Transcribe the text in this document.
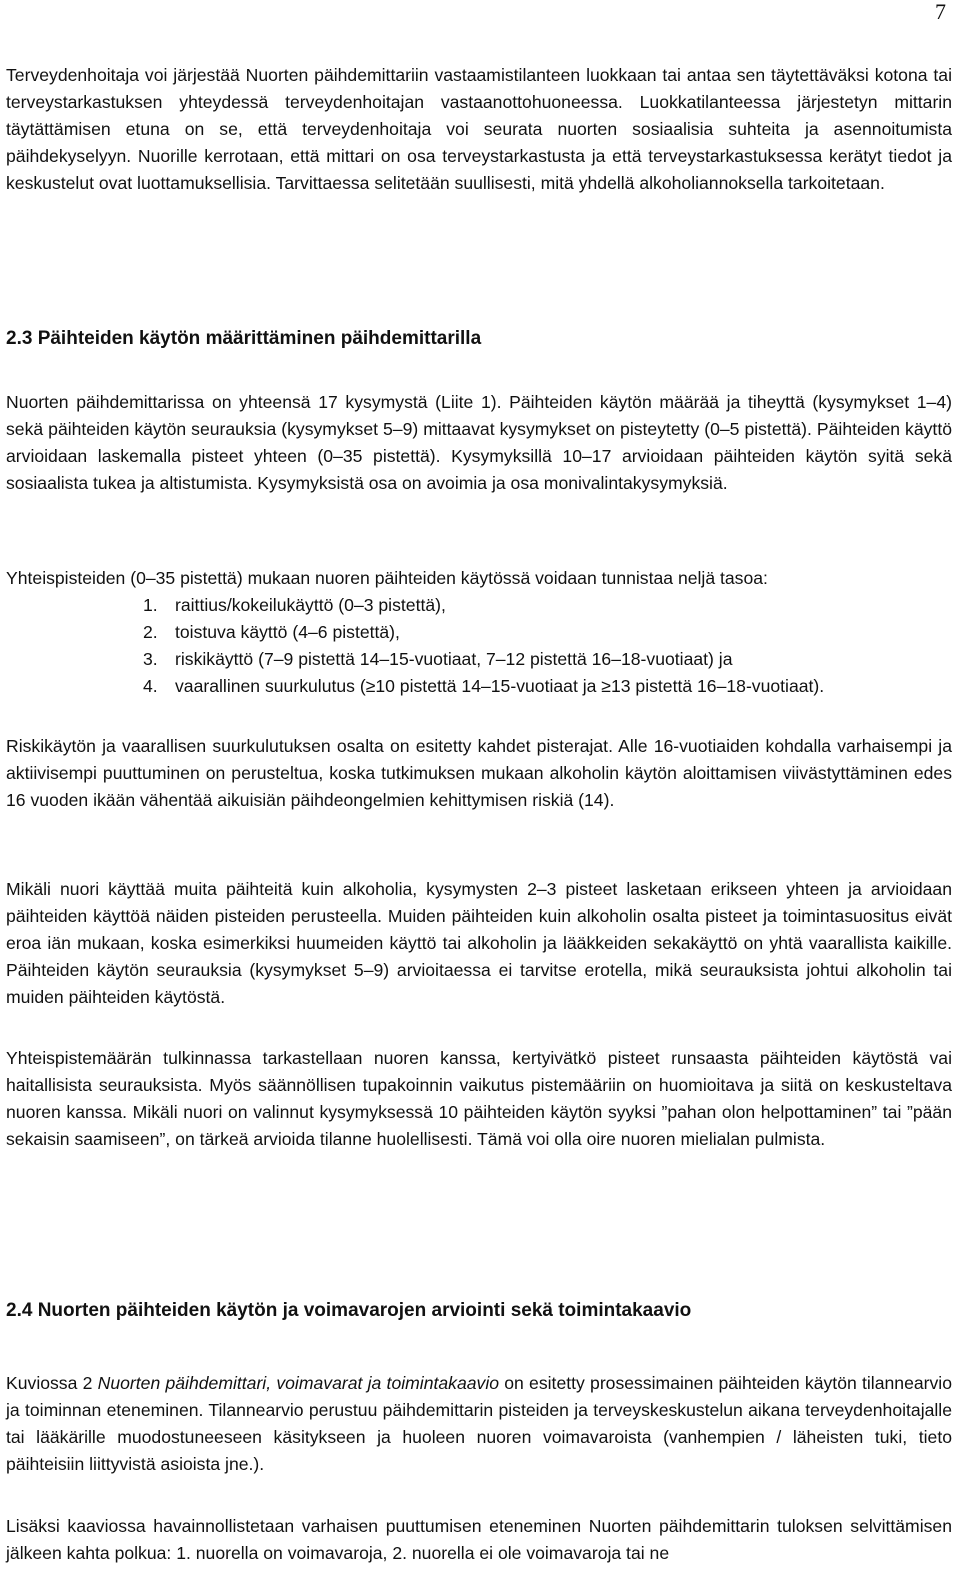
7

Terveydenhoitaja voi järjestää Nuorten päihdemittariin vastaamistilanteen luokkaan tai antaa sen täytettäväksi kotona tai terveystarkastuksen yhteydessä terveydenhoitajan vastaanottohuoneessa. Luokkatilanteessa järjestetyn mittarin täytättämisen etuna on se, että terveydenhoitaja voi seurata nuorten sosiaalisia suhteita ja asennoitumista päihdekyselyyn. Nuorille kerrotaan, että mittari on osa terveystarkastusta ja että terveystarkastuksessa kerätyt tiedot ja keskustelut ovat luottamuksellisia. Tarvittaessa selitetään suullisesti, mitä yhdellä alkoholiannoksella tarkoitetaan.

2.3 Päihteiden käytön määrittäminen päihdemittarilla

Nuorten päihdemittarissa on yhteensä 17 kysymystä (Liite 1). Päihteiden käytön määrää ja tiheyttä (kysymykset 1–4) sekä päihteiden käytön seurauksia (kysymykset 5–9) mittaavat kysymykset on pisteytetty (0–5 pistettä). Päihteiden käyttö arvioidaan laskemalla pisteet yhteen (0–35 pistettä). Kysymyksillä 10–17 arvioidaan päihteiden käytön syitä sekä sosiaalista tukea ja altistumista. Kysymyksistä osa on avoimia ja osa monivalintakysymyksiä.

Yhteispisteiden (0–35 pistettä) mukaan nuoren päihteiden käytössä voidaan tunnistaa neljä tasoa:

1. raittius/kokeilukäyttö (0–3 pistettä),
2. toistuva käyttö (4–6 pistettä),
3. riskikäyttö (7–9 pistettä 14–15-vuotiaat, 7–12 pistettä 16–18-vuotiaat) ja
4. vaarallinen suurkulutus (≥10 pistettä 14–15-vuotiaat ja ≥13 pistettä 16–18-vuotiaat).

Riskikäytön ja vaarallisen suurkulutuksen osalta on esitetty kahdet pisterajat. Alle 16-vuotiaiden kohdalla varhaisempi ja aktiivisempi puuttuminen on perusteltua, koska tutkimuksen mukaan alkoholin käytön aloittamisen viivästyttäminen edes 16 vuoden ikään vähentää aikuisiän päihdeongelmien kehittymisen riskiä (14).

Mikäli nuori käyttää muita päihteitä kuin alkoholia, kysymysten 2–3 pisteet lasketaan erikseen yhteen ja arvioidaan päihteiden käyttöä näiden pisteiden perusteella. Muiden päihteiden kuin alkoholin osalta pisteet ja toimintasuositus eivät eroa iän mukaan, koska esimerkiksi huumeiden käyttö tai alkoholin ja lääkkeiden sekakäyttö on yhtä vaarallista kaikille. Päihteiden käytön seurauksia (kysymykset 5–9) arvioitaessa ei tarvitse erotella, mikä seurauksista johtui alkoholin tai muiden päihteiden käytöstä.

Yhteispistemäärän tulkinnassa tarkastellaan nuoren kanssa, kertyivätkö pisteet runsaasta päihteiden käytöstä vai haitallisista seurauksista. Myös säännöllisen tupakoinnin vaikutus pistemääriin on huomioitava ja siitä on keskusteltava nuoren kanssa. Mikäli nuori on valinnut kysymyksessä 10 päihteiden käytön syyksi ”pahan olon helpottaminen” tai ”pään sekaisin saamiseen”, on tärkeä arvioida tilanne huolellisesti. Tämä voi olla oire nuoren mielialan pulmista.

2.4 Nuorten päihteiden käytön ja voimavarojen arviointi sekä toimintakaavio

Kuviossa 2 Nuorten päihdemittari, voimavarat ja toimintakaavio on esitetty prosessimainen päihteiden käytön tilannearvio ja toiminnan eteneminen. Tilannearvio perustuu päihdemittarin pisteiden ja terveyskeskustelun aikana terveydenhoitajalle tai lääkärille muodostuneeseen käsitykseen ja huoleen nuoren voimavaroista (vanhempien / läheisten tuki, tieto päihteisiin liittyvistä asioista jne.).

Lisäksi kaaviossa havainnollistetaan varhaisen puuttumisen eteneminen Nuorten päihdemittarin tuloksen selvittämisen jälkeen kahta polkua: 1. nuorella on voimavaroja, 2. nuorella ei ole voimavaroja tai ne
